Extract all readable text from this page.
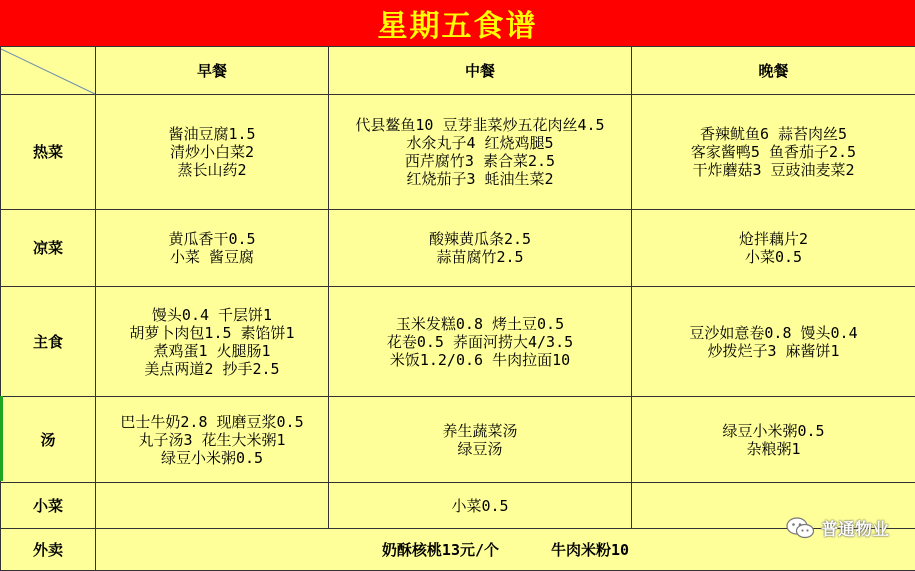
星期五食谱
	早餐	中餐	晚餐
热菜	酱油豆腐1.5
清炒小白菜2
蒸长山药2	代县鳌鱼10 豆芽韭菜炒五花肉丝4.5
水氽丸子4 红烧鸡腿5
西芹腐竹3 素合菜2.5
红烧茄子3 蚝油生菜2	香辣鱿鱼6 蒜苔肉丝5
客家酱鸭5 鱼香茄子2.5
干炸蘑菇3 豆豉油麦菜2

凉菜	黄瓜香干0.5
小菜 酱豆腐	酸辣黄瓜条2.5
蒜苗腐竹2.5	炝拌藕片2
小菜0.5

主食	馒头0.4 千层饼1
胡萝卜肉包1.5 素馅饼1
煮鸡蛋1 火腿肠1
美点两道2 抄手2.5	玉米发糕0.8 烤土豆0.5
花卷0.5 荞面河捞大4/3.5
米饭1.2/0.6 牛肉拉面10	豆沙如意卷0.8 馒头0.4
炒拨烂子3 麻酱饼1

汤	巴士牛奶2.8 现磨豆浆0.5
丸子汤3 花生大米粥1
绿豆小米粥0.5	养生蔬菜汤
绿豆汤	绿豆小米粥0.5
杂粮粥1

小菜		小菜0.5	

外卖	奶酥核桃13元/个 牛肉米粉10		
普通物业
